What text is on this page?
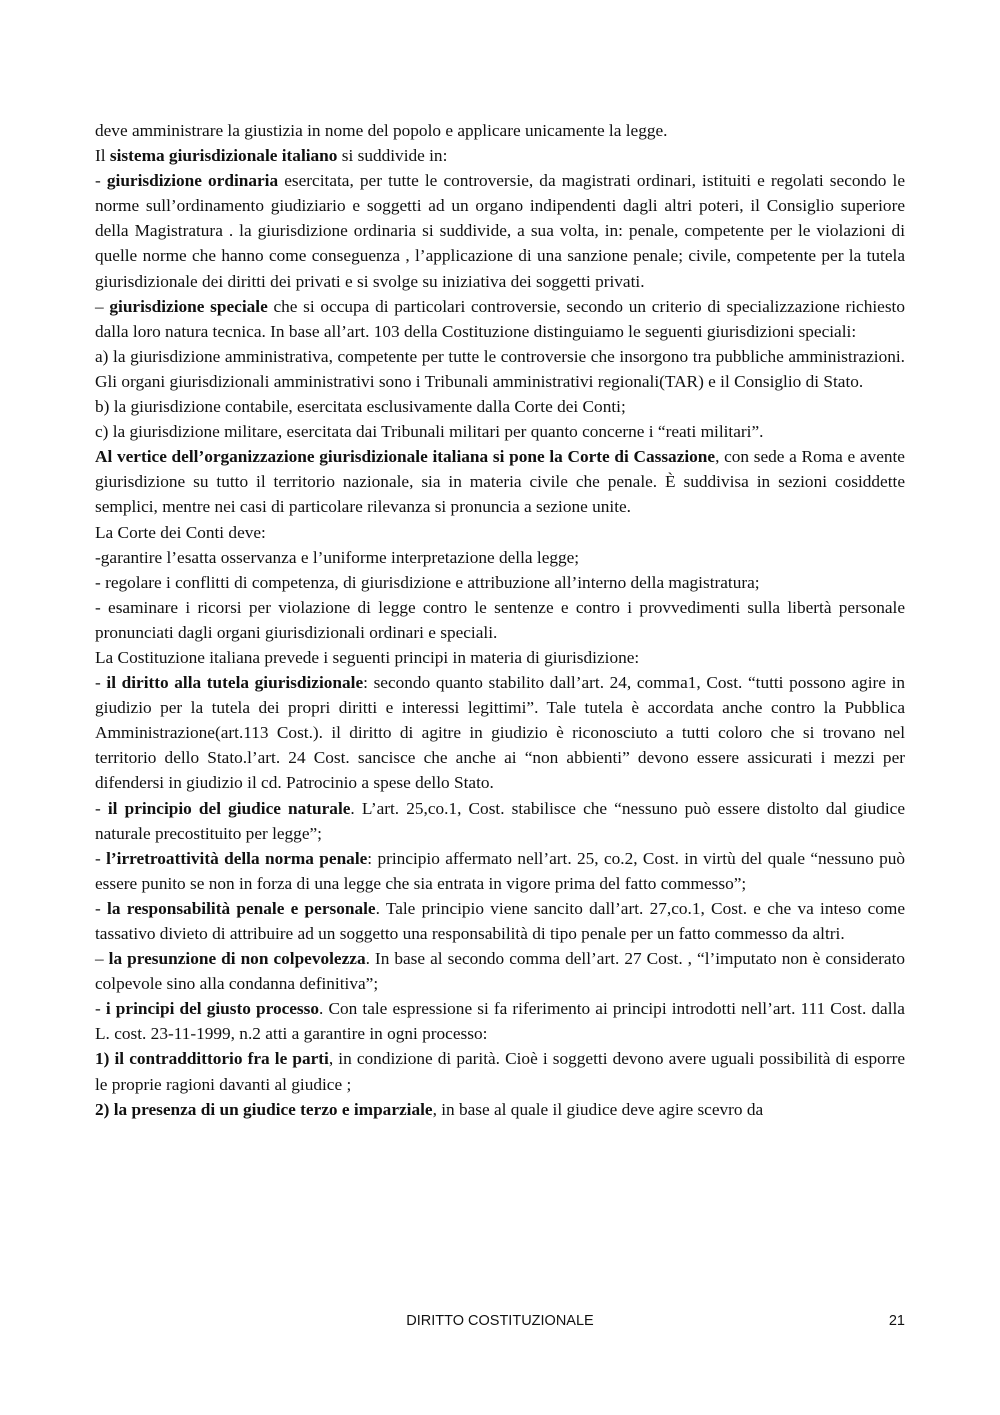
deve amministrare la giustizia in nome del popolo e applicare unicamente la legge.

Il sistema giurisdizionale italiano si suddivide in:

- giurisdizione ordinaria esercitata, per tutte le controversie, da magistrati ordinari, istituiti e regolati secondo le norme sull’ordinamento giudiziario e soggetti ad un organo indipendenti dagli altri poteri, il Consiglio superiore della Magistratura . la giurisdizione ordinaria si suddivide, a sua volta, in: penale, competente per le violazioni di quelle norme che hanno come conseguenza , l’applicazione di una sanzione penale; civile, competente per la tutela giurisdizionale dei diritti dei privati e si svolge su iniziativa dei soggetti privati.

– giurisdizione speciale che si occupa di particolari controversie, secondo un criterio di specializzazione richiesto dalla loro natura tecnica. In base all’art. 103 della Costituzione distinguiamo le seguenti giurisdizioni speciali:

a) la giurisdizione amministrativa, competente per tutte le controversie che insorgono tra pubbliche amministrazioni. Gli organi giurisdizionali amministrativi sono i Tribunali amministrativi regionali(TAR) e il Consiglio di Stato.

b) la giurisdizione contabile, esercitata esclusivamente dalla Corte dei Conti;

c) la giurisdizione militare, esercitata dai Tribunali militari per quanto concerne i “reati militari”.

Al vertice dell’organizzazione giurisdizionale italiana si pone la Corte di Cassazione, con sede a Roma e avente giurisdizione su tutto il territorio nazionale, sia in materia civile che penale. È suddivisa in sezioni cosiddette semplici, mentre nei casi di particolare rilevanza si pronuncia a sezione unite.

La Corte dei Conti deve:

-garantire l’esatta osservanza e l’uniforme interpretazione della legge;

- regolare i conflitti di competenza, di giurisdizione e attribuzione all’interno della magistratura;

- esaminare i ricorsi per violazione di legge contro le sentenze e contro i provvedimenti sulla libertà personale pronunciati dagli organi giurisdizionali ordinari e speciali.

La Costituzione italiana prevede i seguenti principi in materia di giurisdizione:

- il diritto alla tutela giurisdizionale: secondo quanto stabilito dall’art. 24, comma1, Cost. “tutti possono agire in giudizio per la tutela dei propri diritti e interessi legittimi”. Tale tutela è accordata anche contro la Pubblica Amministrazione(art.113 Cost.). il diritto di agitre in giudizio è riconosciuto a tutti coloro che si trovano nel territorio dello Stato.l’art. 24 Cost. sancisce che anche ai “non abbienti” devono essere assicurati i mezzi per difendersi in giudizio il cd. Patrocinio a spese dello Stato.

- il principio del giudice naturale. L’art. 25,co.1, Cost. stabilisce che “nessuno può essere distolto dal giudice naturale precostituito per legge”;

- l’irretroattività della norma penale: principio affermato nell’art. 25, co.2, Cost. in virtù del quale “nessuno può essere punito se non in forza di una legge che sia entrata in vigore prima del fatto commesso”;

- la responsabilità penale e personale. Tale principio viene sancito dall’art. 27,co.1, Cost. e che va inteso come tassativo divieto di attribuire ad un soggetto una responsabilità di tipo penale per un fatto commesso da altri.

– la presunzione di non colpevolezza. In base al secondo comma dell’art. 27 Cost. , “l’imputato non è considerato colpevole sino alla condanna definitiva”;

- i principi del giusto processo. Con tale espressione si fa riferimento ai principi introdotti nell’art. 111 Cost. dalla L. cost. 23-11-1999, n.2 atti a garantire in ogni processo:

1) il contraddittorio fra le parti, in condizione di parità. Cioè i soggetti devono avere uguali possibilità di esporre le proprie ragioni davanti al giudice ;

2) la presenza di un giudice terzo e imparziale, in base al quale il giudice deve agire scevro da

DIRITTO COSTITUZIONALE	21
